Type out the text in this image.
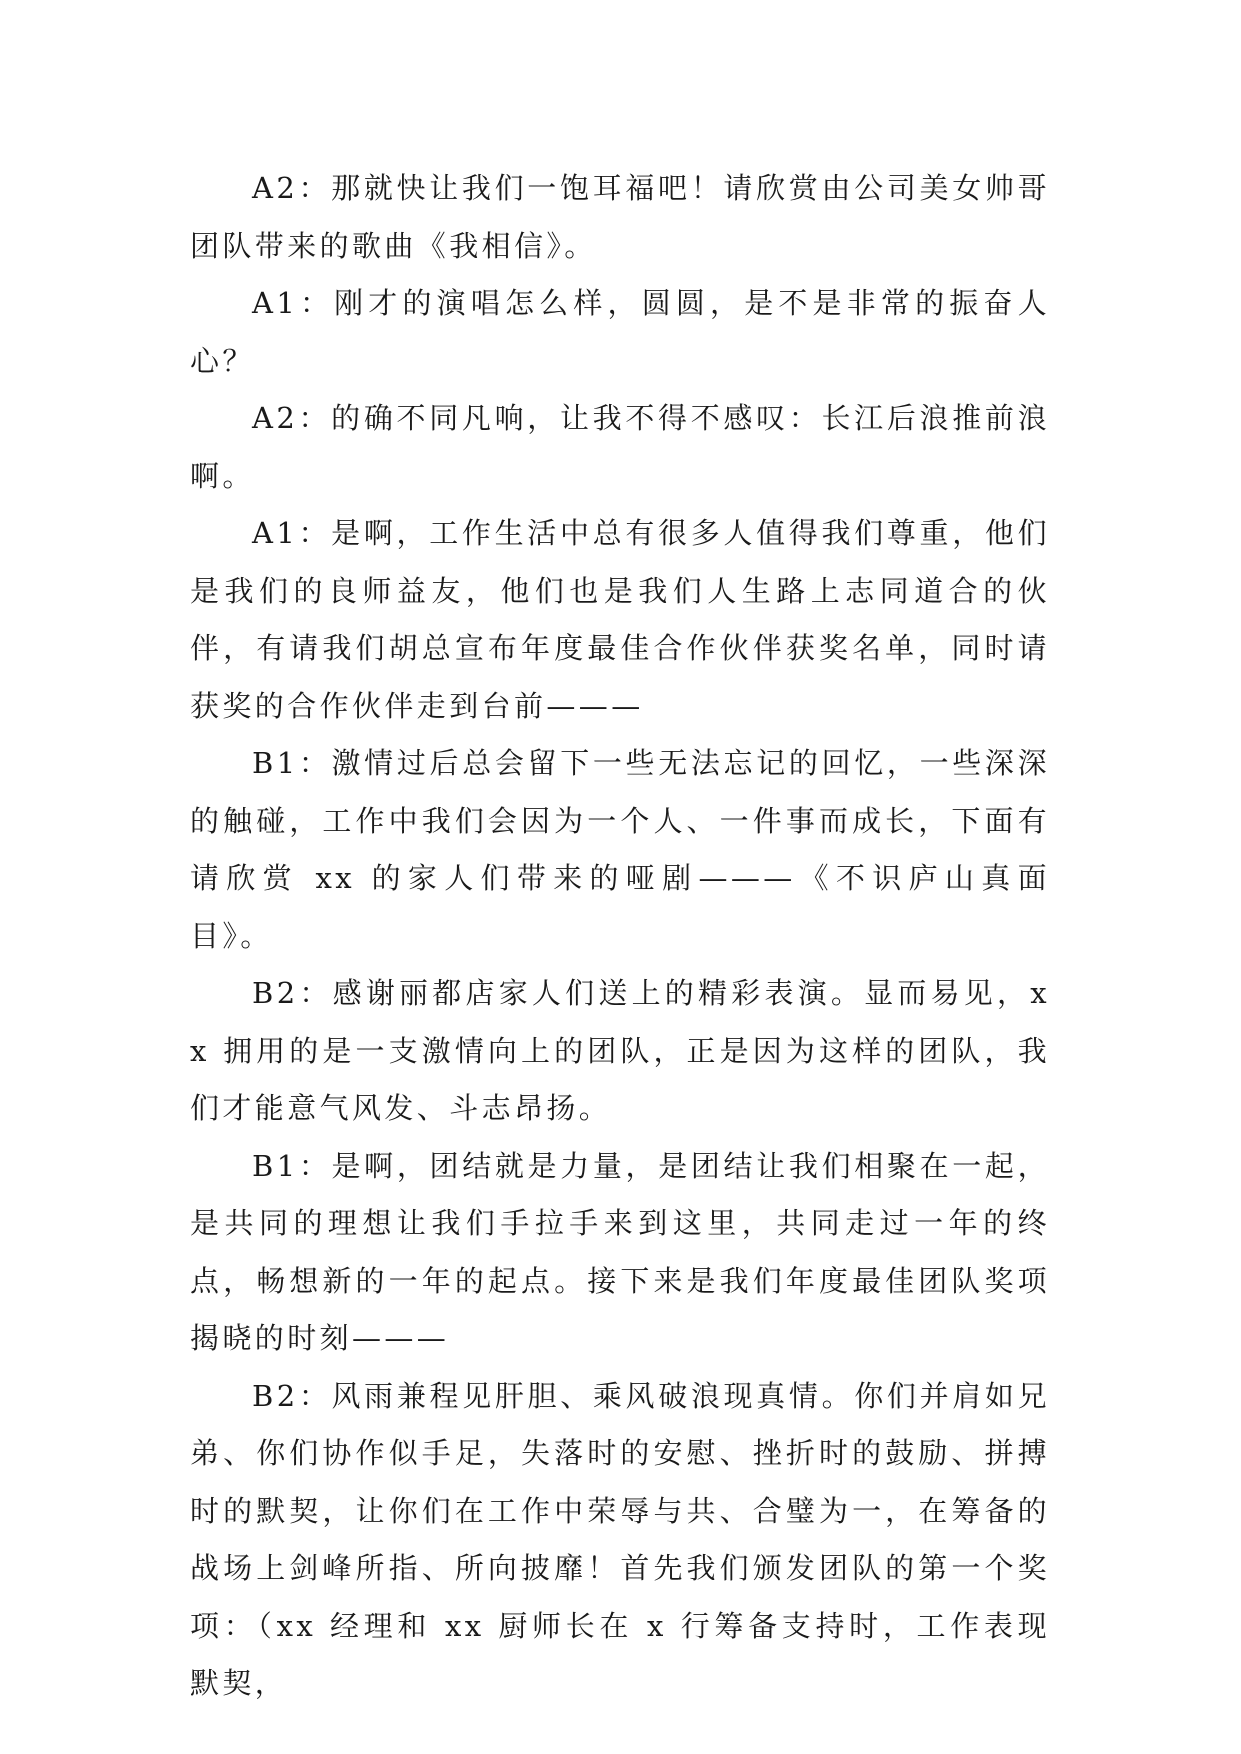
A2：那就快让我们一饱耳福吧！请欣赏由公司美女帅哥团队带来的歌曲《我相信》。

A1：刚才的演唱怎么样，圆圆，是不是非常的振奋人心？

A2：的确不同凡响，让我不得不感叹：长江后浪推前浪啊。

A1：是啊，工作生活中总有很多人值得我们尊重，他们是我们的良师益友，他们也是我们人生路上志同道合的伙伴，有请我们胡总宣布年度最佳合作伙伴获奖名单，同时请获奖的合作伙伴走到台前———

B1：激情过后总会留下一些无法忘记的回忆，一些深深的触碰，工作中我们会因为一个人、一件事而成长，下面有请欣赏 xx 的家人们带来的哑剧———《不识庐山真面目》。

B2：感谢丽都店家人们送上的精彩表演。显而易见，xx 拥用的是一支激情向上的团队，正是因为这样的团队，我们才能意气风发、斗志昂扬。

B1：是啊，团结就是力量，是团结让我们相聚在一起，是共同的理想让我们手拉手来到这里，共同走过一年的终点，畅想新的一年的起点。接下来是我们年度最佳团队奖项揭晓的时刻———

B2：风雨兼程见肝胆、乘风破浪现真情。你们并肩如兄弟、你们协作似手足，失落时的安慰、挫折时的鼓励、拼搏时的默契，让你们在工作中荣辱与共、合璧为一，在筹备的战场上剑峰所指、所向披靡！首先我们颁发团队的第一个奖项：（xx 经理和 xx 厨师长在 x 行筹备支持时，工作表现默契，
